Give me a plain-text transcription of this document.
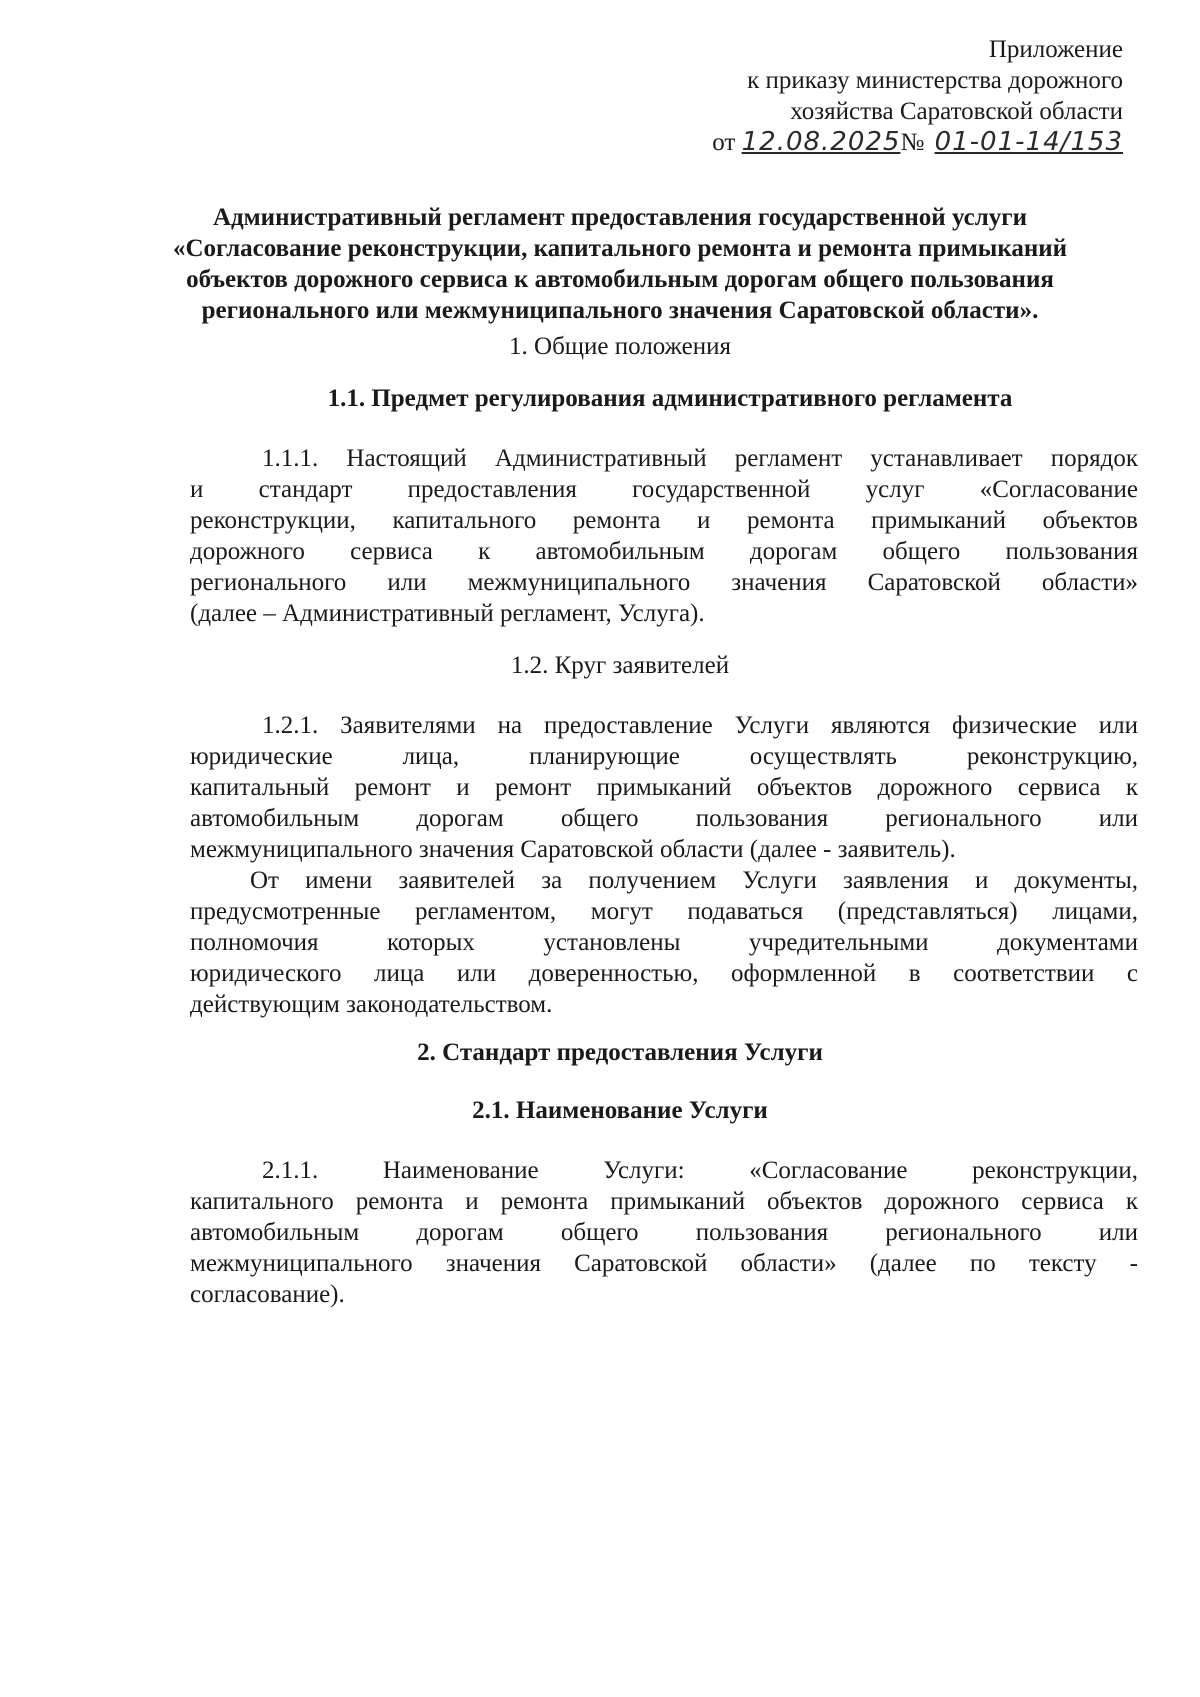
Приложение
к приказу министерства дорожного
хозяйства Саратовской области
от 12.08.2025№ 01-01-14/153
Административный регламент предоставления государственной услуги
«Согласование реконструкции, капитального ремонта и ремонта примыканий
объектов дорожного сервиса к автомобильным дорогам общего пользования
регионального или межмуниципального значения Саратовской области».
1. Общие положения
1.1. Предмет регулирования административного регламента
1.1.1. Настоящий Административный регламент устанавливает порядок
и стандарт предоставления государственной услуг «Согласование
реконструкции, капитального ремонта и ремонта примыканий объектов
дорожного сервиса к автомобильным дорогам общего пользования
регионального или межмуниципального значения Саратовской области»
(далее – Административный регламент, Услуга).
1.2. Круг заявителей
1.2.1. Заявителями на предоставление Услуги являются физические или
юридические лица, планирующие осуществлять реконструкцию,
капитальный ремонт и ремонт примыканий объектов дорожного сервиса к
автомобильным дорогам общего пользования регионального или
межмуниципального значения Саратовской области (далее - заявитель).
От имени заявителей за получением Услуги заявления и документы,
предусмотренные регламентом, могут подаваться (представляться) лицами,
полномочия которых установлены учредительными документами
юридического лица или доверенностью, оформленной в соответствии с
действующим законодательством.
2. Стандарт предоставления Услуги
2.1. Наименование Услуги
2.1.1. Наименование Услуги: «Согласование реконструкции,
капитального ремонта и ремонта примыканий объектов дорожного сервиса к
автомобильным дорогам общего пользования регионального или
межмуниципального значения Саратовской области» (далее по тексту -
согласование).
